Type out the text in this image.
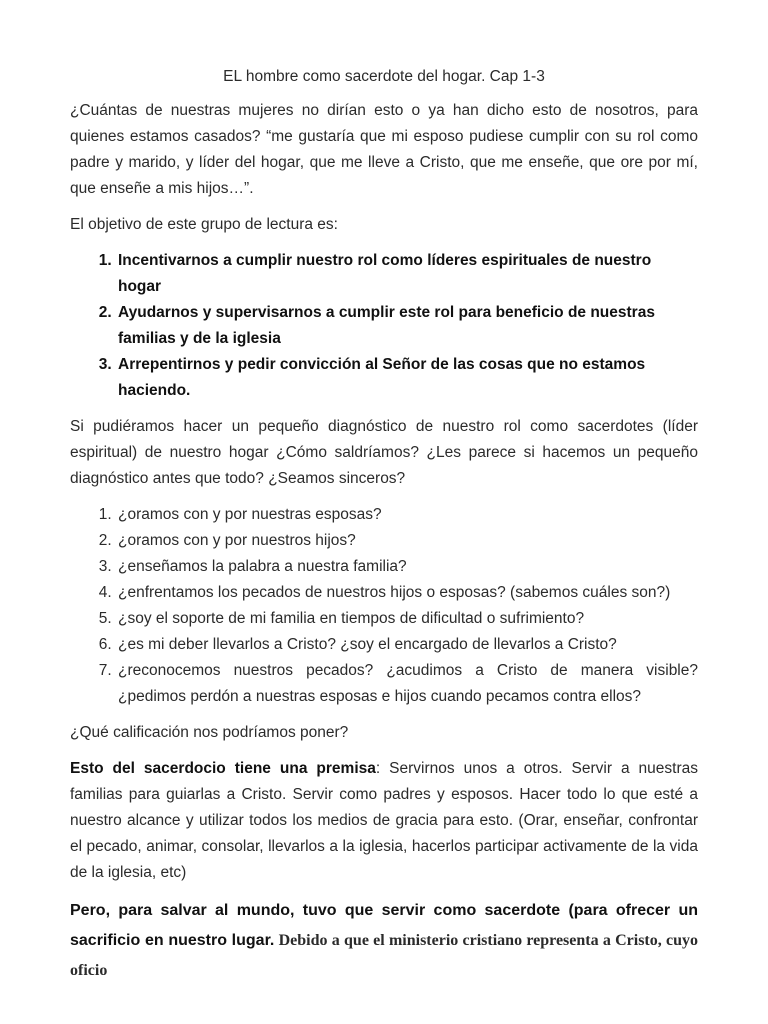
EL hombre como sacerdote del hogar. Cap 1-3

¿Cuántas de nuestras mujeres no dirían esto o ya han dicho esto de nosotros, para quienes estamos casados? “me gustaría que mi esposo pudiese cumplir con su rol como padre y marido, y líder del hogar, que me lleve a Cristo, que me enseñe, que ore por mí, que enseñe a mis hijos…”.

El objetivo de este grupo de lectura es:

1. Incentivarnos a cumplir nuestro rol como líderes espirituales de nuestro hogar
2. Ayudarnos y supervisarnos a cumplir este rol para beneficio de nuestras familias y de la iglesia
3. Arrepentirnos y pedir convicción al Señor de las cosas que no estamos haciendo.

Si pudiéramos hacer un pequeño diagnóstico de nuestro rol como sacerdotes (líder espiritual) de nuestro hogar ¿Cómo saldríamos? ¿Les parece si hacemos un pequeño diagnóstico antes que todo? ¿Seamos sinceros?

1. ¿oramos con y por nuestras esposas?
2. ¿oramos con y por nuestros hijos?
3. ¿enseñamos la palabra a nuestra familia?
4. ¿enfrentamos los pecados de nuestros hijos o esposas? (sabemos cuáles son?)
5. ¿soy el soporte de mi familia en tiempos de dificultad o sufrimiento?
6. ¿es mi deber llevarlos a Cristo? ¿soy el encargado de llevarlos a Cristo?
7. ¿reconocemos nuestros pecados? ¿acudimos a Cristo de manera visible? ¿pedimos perdón a nuestras esposas e hijos cuando pecamos contra ellos?

¿Qué calificación nos podríamos poner?

Esto del sacerdocio tiene una premisa: Servirnos unos a otros. Servir a nuestras familias para guiarlas a Cristo. Servir como padres y esposos. Hacer todo lo que esté a nuestro alcance y utilizar todos los medios de gracia para esto. (Orar, enseñar, confrontar el pecado, animar, consolar, llevarlos a la iglesia, hacerlos participar activamente de la vida de la iglesia, etc)

Pero, para salvar al mundo, tuvo que servir como sacerdote (para ofrecer un sacrificio en nuestro lugar. Debido a que el ministerio cristiano representa a Cristo, cuyo oficio
